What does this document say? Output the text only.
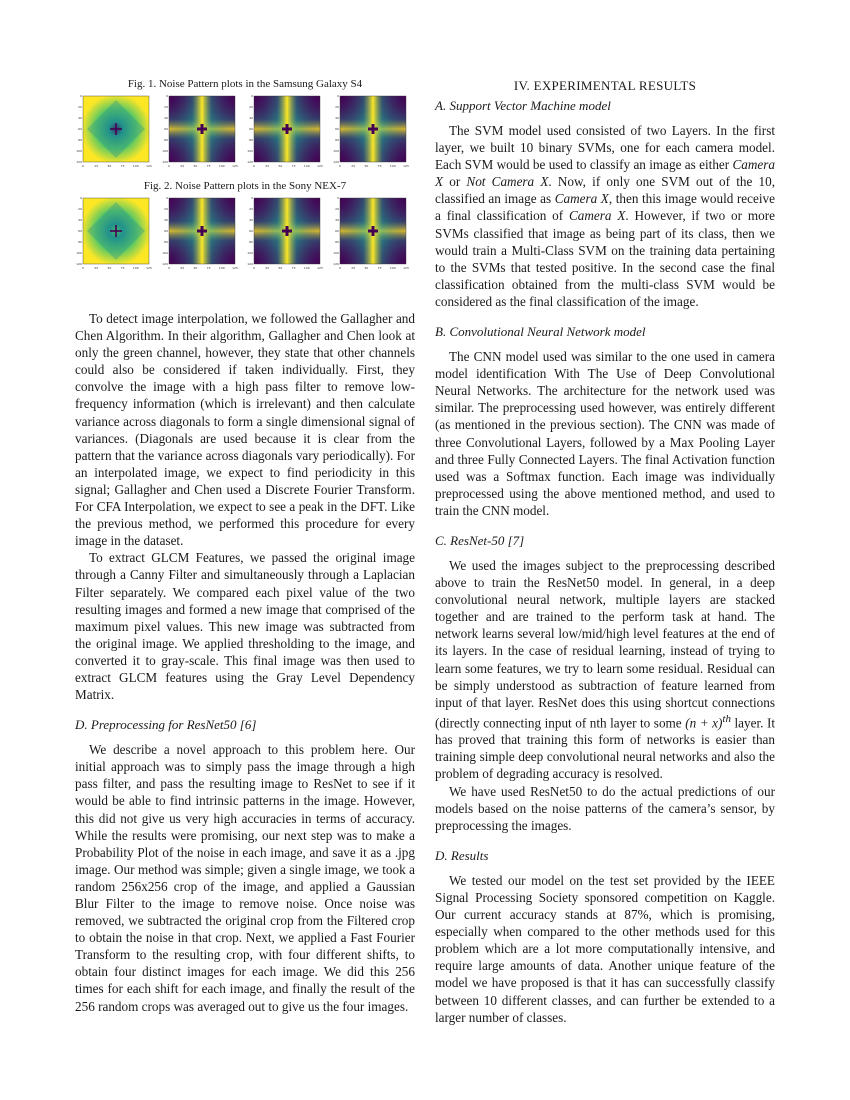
Fig. 1. Noise Pattern plots in the Samsung Galaxy S4

0
20
40
60
80
100
120
0	25	50	75	100 125
0
20
40
60
80
100
120
0	25	50	75	100 125
0
20
40
60
80
100
120
0	25	50	75	100 125
0
20
40
60
80
100
120
0	25	50	75	100 125

Fig. 2. Noise Pattern plots in the Sony NEX-7

0
20
40
60
80
100
120
0	25	50	75	100 125
0
20
40
60
80
100
120
0	25	50	75	100 125
0
20
40
60
80
100
120
0	25	50	75	100 125
0
20
40
60
80
100
120
0	25	50	75	100 125

To detect image interpolation, we followed the Gallagher and Chen Algorithm. In their algorithm, Gallagher and Chen look at only the green channel, however, they state that other channels could also be considered if taken individually. First, they convolve the image with a high pass filter to remove low-frequency information (which is irrelevant) and then calculate variance across diagonals to form a single dimensional signal of variances. (Diagonals are used because it is clear from the pattern that the variance across diagonals vary periodically). For an interpolated image, we expect to find periodicity in this signal; Gallagher and Chen used a Discrete Fourier Transform. For CFA Interpolation, we expect to see a peak in the DFT. Like the previous method, we performed this procedure for every image in the dataset.

To extract GLCM Features, we passed the original image through a Canny Filter and simultaneously through a Laplacian Filter separately. We compared each pixel value of the two resulting images and formed a new image that comprised of the maximum pixel values. This new image was subtracted from the original image. We applied thresholding to the image, and converted it to gray-scale. This final image was then used to extract GLCM features using the Gray Level Dependency Matrix.

D. Preprocessing for ResNet50 [6]

We describe a novel approach to this problem here. Our initial approach was to simply pass the image through a high pass filter, and pass the resulting image to ResNet to see if it would be able to find intrinsic patterns in the image. However, this did not give us very high accuracies in terms of accuracy. While the results were promising, our next step was to make a Probability Plot of the noise in each image, and save it as a .jpg image. Our method was simple; given a single image, we took a random 256x256 crop of the image, and applied a Gaussian Blur Filter to the image to remove noise. Once noise was removed, we subtracted the original crop from the Filtered crop to obtain the noise in that crop. Next, we applied a Fast Fourier Transform to the resulting crop, with four different shifts, to obtain four distinct images for each image. We did this 256 times for each shift for each image, and finally the result of the 256 random crops was averaged out to give us the four images.

IV. EXPERIMENTAL RESULTS
A. Support Vector Machine model

The SVM model used consisted of two Layers. In the first layer, we built 10 binary SVMs, one for each camera model. Each SVM would be used to classify an image as either Camera X or Not Camera X. Now, if only one SVM out of the 10, classified an image as Camera X, then this image would receive a final classification of Camera X. However, if two or more SVMs classified that image as being part of its class, then we would train a Multi-Class SVM on the training data pertaining to the SVMs that tested positive. In the second case the final classification obtained from the multi-class SVM would be considered as the final classification of the image.

B. Convolutional Neural Network model

The CNN model used was similar to the one used in camera model identification With The Use of Deep Convolutional Neural Networks. The architecture for the network used was similar. The preprocessing used however, was entirely different (as mentioned in the previous section). The CNN was made of three Convolutional Layers, followed by a Max Pooling Layer and three Fully Connected Layers. The final Activation function used was a Softmax function. Each image was individually preprocessed using the above mentioned method, and used to train the CNN model.

C. ResNet-50 [7]

We used the images subject to the preprocessing described above to train the ResNet50 model. In general, in a deep convolutional neural network, multiple layers are stacked together and are trained to the perform task at hand. The network learns several low/mid/high level features at the end of its layers. In the case of residual learning, instead of trying to learn some features, we try to learn some residual. Residual can be simply understood as subtraction of feature learned from input of that layer. ResNet does this using shortcut connections (directly connecting input of nth layer to some $(n + x)^{th}$ layer. It has proved that training this form of networks is easier than training simple deep convolutional neural networks and also the problem of degrading accuracy is resolved.

We have used ResNet50 to do the actual predictions of our models based on the noise patterns of the camera’s sensor, by preprocessing the images.

D. Results

We tested our model on the test set provided by the IEEE Signal Processing Society sponsored competition on Kaggle. Our current accuracy stands at 87%, which is promising, especially when compared to the other methods used for this problem which are a lot more computationally intensive, and require large amounts of data. Another unique feature of the model we have proposed is that it has can successfully classify between 10 different classes, and can further be extended to a larger number of classes.
